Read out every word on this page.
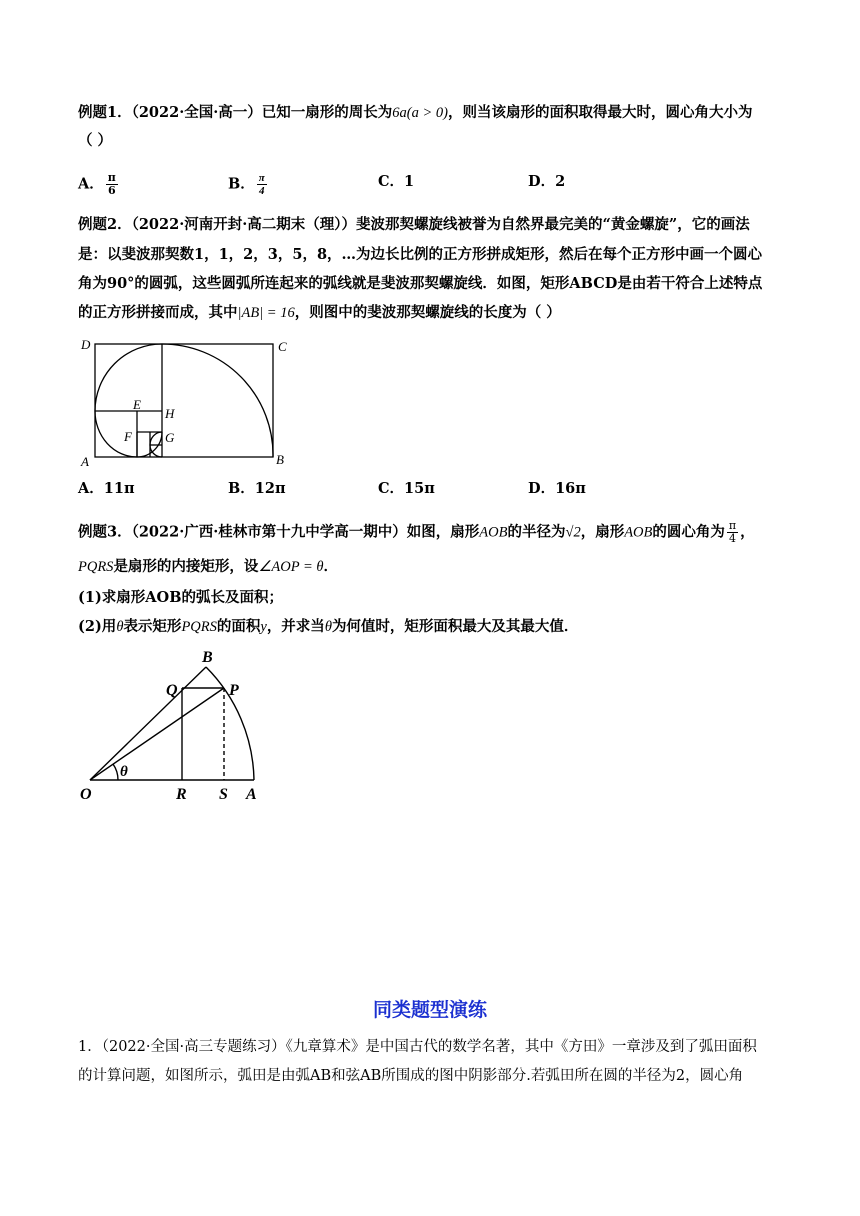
例题1．（2022·全国·高一）已知一扇形的周长为6a(a > 0)，则当该扇形的面积取得最大时，圆心角大小为
（ ）
A． $\frac{\pi}{6}$	B． $\frac{\pi}{4}$	C．1	D．2
例题2．（2022·河南开封·高二期末（理））斐波那契螺旋线被誉为自然界最完美的“黄金螺旋”，它的画法
是：以斐波那契数1，1，2，3，5，8，…为边长比例的正方形拼成矩形，然后在每个正方形中画一个圆心
角为90°的圆弧，这些圆弧所连起来的弧线就是斐波那契螺旋线．如图，矩形ABCD是由若干符合上述特点
的正方形拼接而成，其中|AB| = 16，则图中的斐波那契螺旋线的长度为（ ）
D	C
A	B
E
H
F	G
A．11π	B．12π	C．15π	D．16π
例题3．（2022·广西·桂林市第十九中学高一期中）如图，扇形AOB的半径为√2，扇形AOB的圆心角为 $\frac{\pi}{4}$ ，
PQRS是扇形的内接矩形，设∠AOP = θ．
(1)求扇形AOB的弧长及面积；
(2)用θ表示矩形PQRS的面积y，并求当θ为何值时，矩形面积最大及其最大值．
B
Q	P
O	R S A
θ
同类题型演练
1．（2022·全国·高三专题练习）《九章算术》是中国古代的数学名著，其中《方田》一章涉及到了弧田面积
的计算问题，如图所示，弧田是由弧AB和弦AB所围成的图中阴影部分.若弧田所在圆的半径为2，圆心角
